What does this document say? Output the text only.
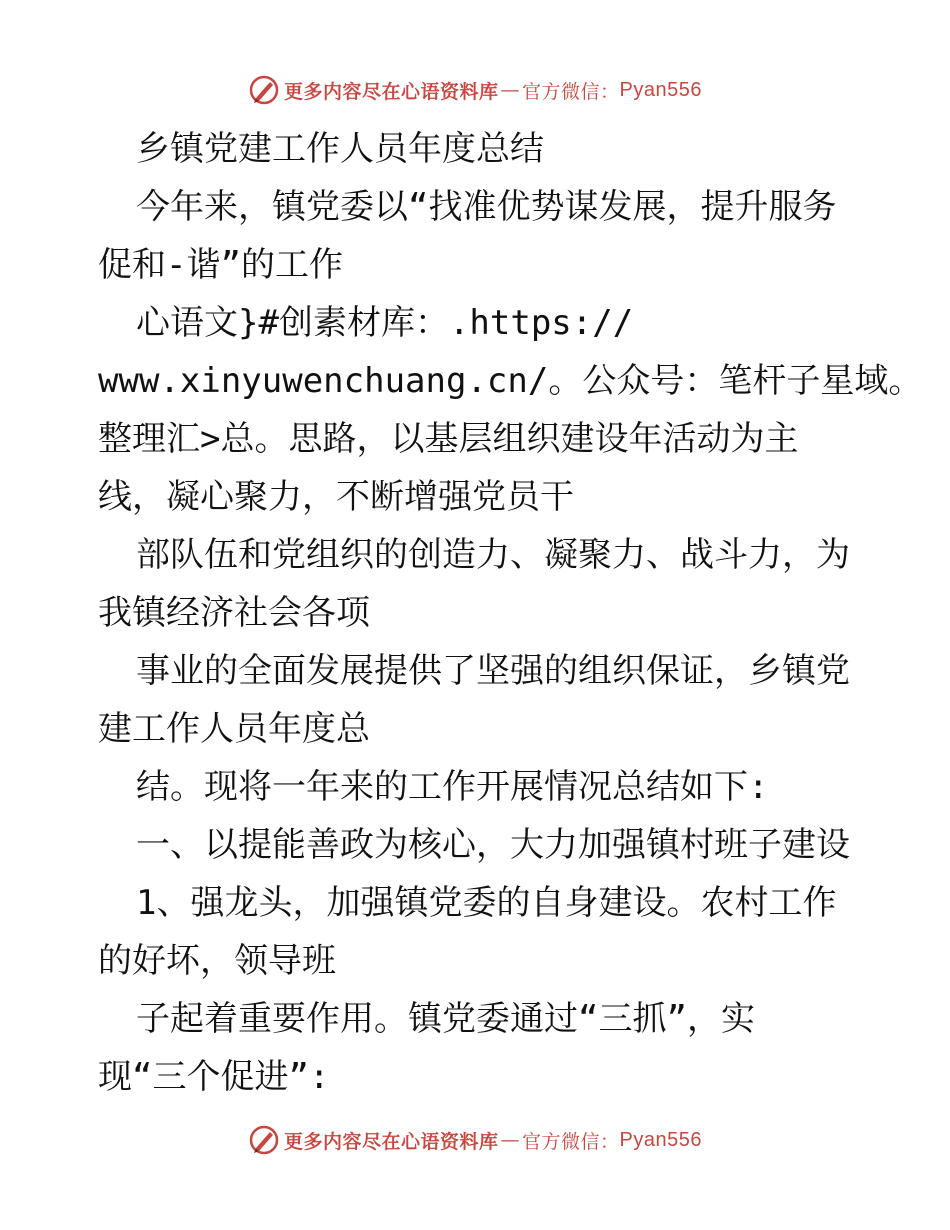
更多内容尽在心语资料库 — 官方微信： Pyan556
乡镇党建工作人员年度总结
今年来，镇党委以“找准优势谋发展，提升服务
促和-谐”的工作
心语文}#创素材库：.https://
www.xinyuwenchuang.cn/。公众号：笔杆子星域。
整理汇>总。思路，以基层组织建设年活动为主
线，凝心聚力，不断增强党员干
部队伍和党组织的创造力、凝聚力、战斗力，为
我镇经济社会各项
事业的全面发展提供了坚强的组织保证，乡镇党
建工作人员年度总
结。现将一年来的工作开展情况总结如下:
一、以提能善政为核心，大力加强镇村班子建设
1、强龙头，加强镇党委的自身建设。农村工作
的好坏，领导班
子起着重要作用。镇党委通过“三抓”，实
现“三个促进”:
更多内容尽在心语资料库 — 官方微信： Pyan556
